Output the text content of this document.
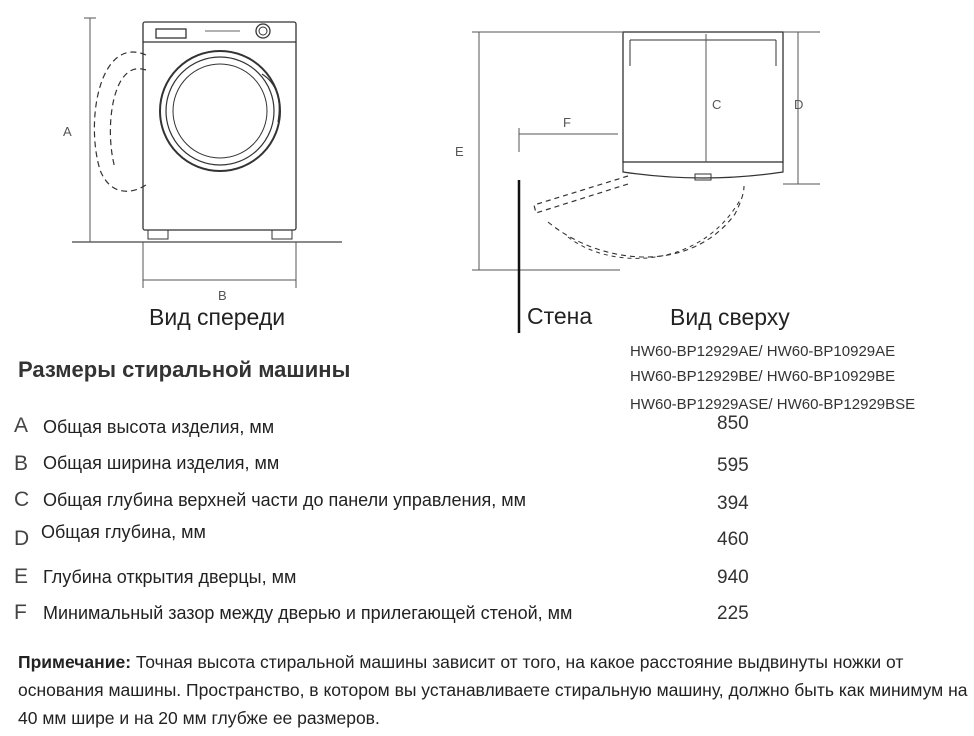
A
B
E
F
C	D
Вид спереди	Стена	Вид сверху
Размеры стиральной машины
HW60-BP12929AE/ HW60-BP10929AE
HW60-BP12929BE/ HW60-BP10929BE
HW60-BP12929ASE/ HW60-BP12929BSE
A Общая высота изделия, мм	850
B Общая ширина изделия, мм	595
C Общая глубина верхней части до панели управления, мм	394
D Общая глубина, мм	460
E Глубина открытия дверцы, мм	940
F Минимальный зазор между дверью и прилегающей стеной, мм	225
Примечание: Точная высота стиральной машины зависит от того, на какое расстояние выдвинуты ножки от основания машины. Пространство, в котором вы устанавливаете стиральную машину, должно быть как минимум на 40 мм шире и на 20 мм глубже ее размеров.
